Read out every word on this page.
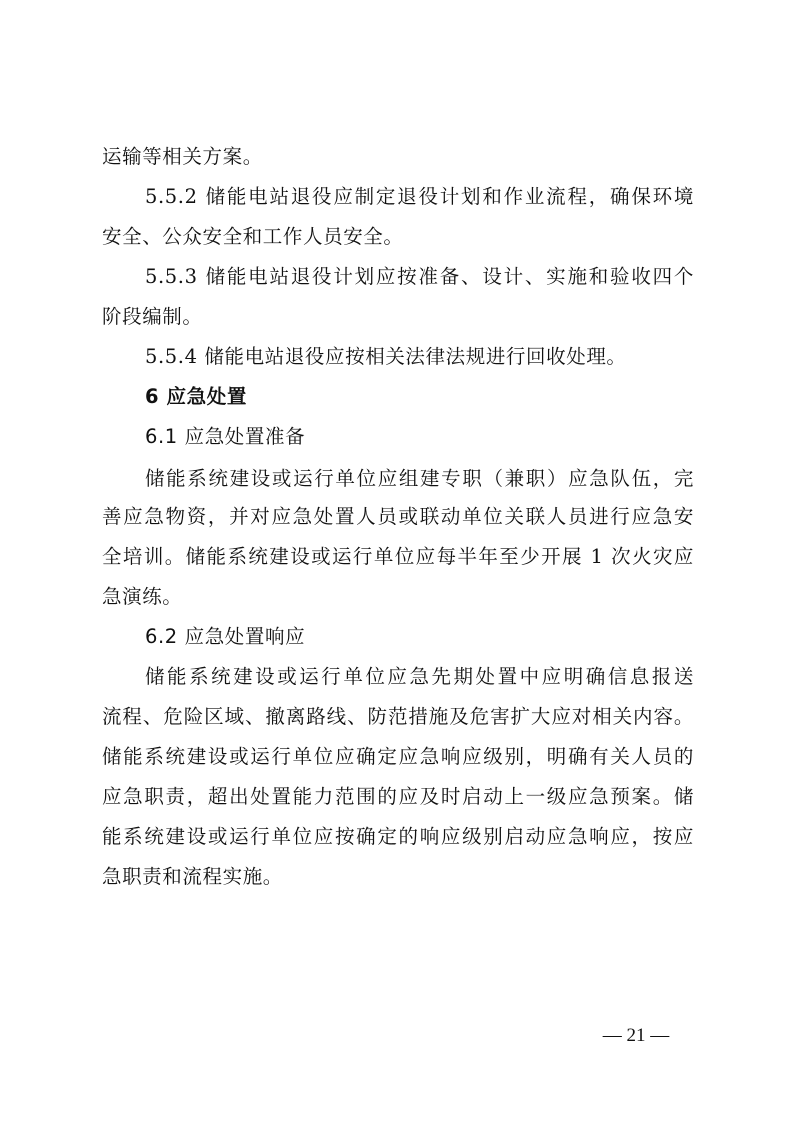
运输等相关方案。
5.5.2 储能电站退役应制定退役计划和作业流程，确保环境
安全、公众安全和工作人员安全。
5.5.3 储能电站退役计划应按准备、设计、实施和验收四个
阶段编制。
5.5.4 储能电站退役应按相关法律法规进行回收处理。
6 应急处置
6.1 应急处置准备
储能系统建设或运行单位应组建专职（兼职）应急队伍，完
善应急物资，并对应急处置人员或联动单位关联人员进行应急安
全培训。储能系统建设或运行单位应每半年至少开展 1 次火灾应
急演练。
6.2 应急处置响应
储能系统建设或运行单位应急先期处置中应明确信息报送
流程、危险区域、撤离路线、防范措施及危害扩大应对相关内容。
储能系统建设或运行单位应确定应急响应级别，明确有关人员的
应急职责，超出处置能力范围的应及时启动上一级应急预案。储
能系统建设或运行单位应按确定的响应级别启动应急响应，按应
急职责和流程实施。
— 21 —
